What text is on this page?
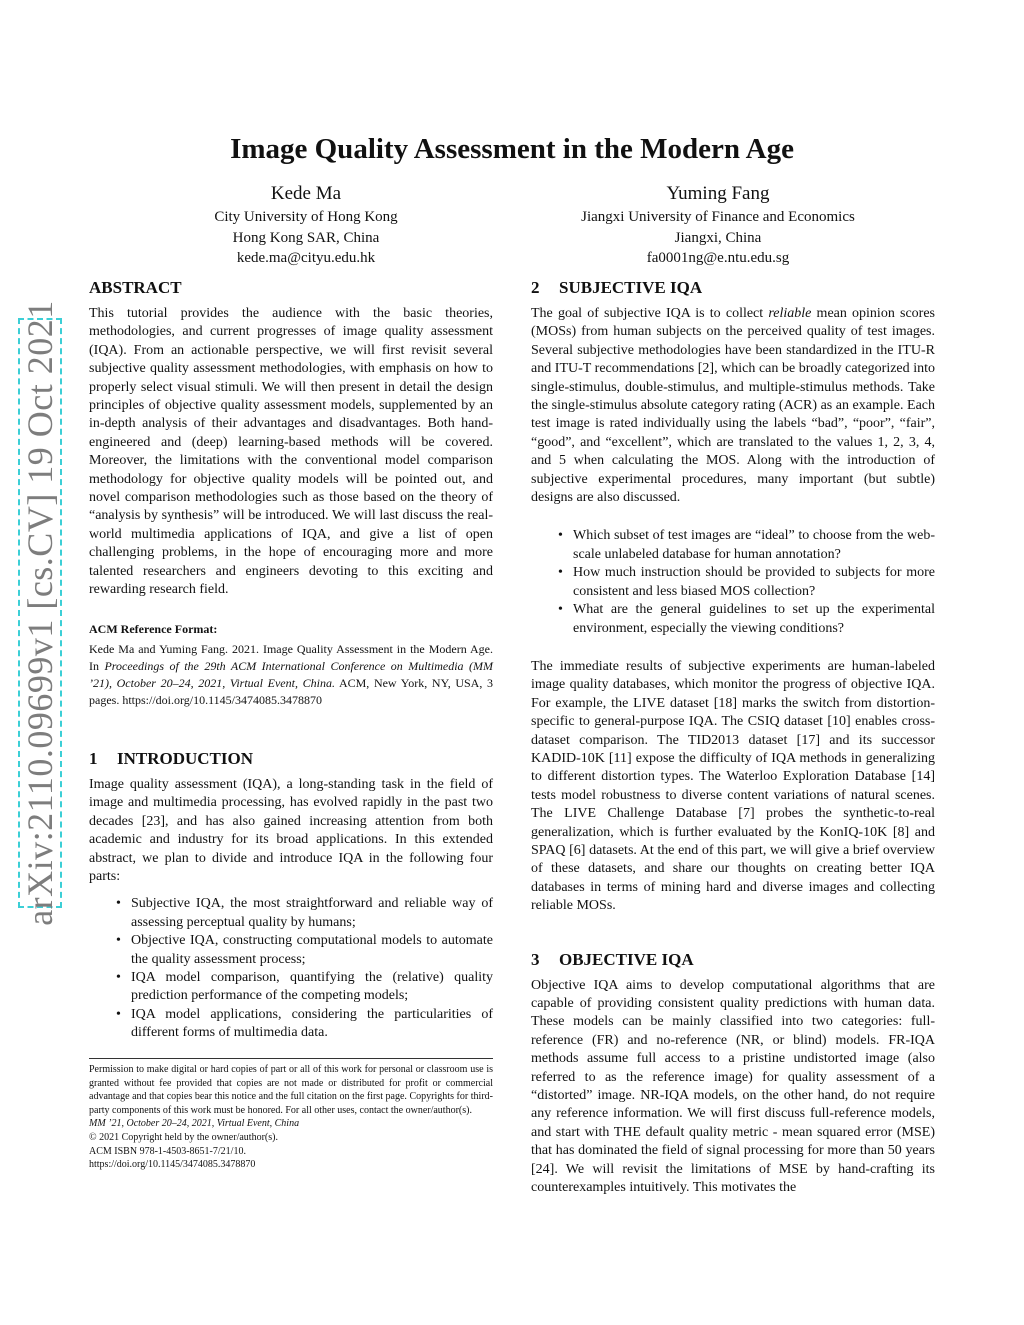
arXiv:2110.09699v1 [cs.CV] 19 Oct 2021
Image Quality Assessment in the Modern Age
Kede Ma
City University of Hong Kong
Hong Kong SAR, China
kede.ma@cityu.edu.hk
Yuming Fang
Jiangxi University of Finance and Economics
Jiangxi, China
fa0001ng@e.ntu.edu.sg
ABSTRACT

This tutorial provides the audience with the basic theories, methodologies, and current progresses of image quality assessment (IQA). From an actionable perspective, we will first revisit several subjective quality assessment methodologies, with emphasis on how to properly select visual stimuli. We will then present in detail the design principles of objective quality assessment models, supplemented by an in-depth analysis of their advantages and disadvantages. Both hand-engineered and (deep) learning-based methods will be covered. Moreover, the limitations with the conventional model comparison methodology for objective quality models will be pointed out, and novel comparison methodologies such as those based on the theory of “analysis by synthesis” will be introduced. We will last discuss the real-world multimedia applications of IQA, and give a list of open challenging problems, in the hope of encouraging more and more talented researchers and engineers devoting to this exciting and rewarding research field.

ACM Reference Format:

Kede Ma and Yuming Fang. 2021. Image Quality Assessment in the Modern Age. In Proceedings of the 29th ACM International Conference on Multimedia (MM ’21), October 20–24, 2021, Virtual Event, China. ACM, New York, NY, USA, 3 pages. https://doi.org/10.1145/3474085.3478870

1 INTRODUCTION

Image quality assessment (IQA), a long-standing task in the field of image and multimedia processing, has evolved rapidly in the past two decades [23], and has also gained increasing attention from both academic and industry for its broad applications. In this extended abstract, we plan to divide and introduce IQA in the following four parts:

• Subjective IQA, the most straightforward and reliable way of assessing perceptual quality by humans;
• Objective IQA, constructing computational models to automate the quality assessment process;
• IQA model comparison, quantifying the (relative) quality prediction performance of the competing models;
• IQA model applications, considering the particularities of different forms of multimedia data.

Permission to make digital or hard copies of part or all of this work for personal or classroom use is granted without fee provided that copies are not made or distributed for profit or commercial advantage and that copies bear this notice and the full citation on the first page. Copyrights for third-party components of this work must be honored. For all other uses, contact the owner/author(s).

MM ’21, October 20–24, 2021, Virtual Event, China
© 2021 Copyright held by the owner/author(s).
ACM ISBN 978-1-4503-8651-7/21/10.
https://doi.org/10.1145/3474085.3478870
2 SUBJECTIVE IQA

The goal of subjective IQA is to collect reliable mean opinion scores (MOSs) from human subjects on the perceived quality of test images. Several subjective methodologies have been standardized in the ITU-R and ITU-T recommendations [2], which can be broadly categorized into single-stimulus, double-stimulus, and multiple-stimulus methods. Take the single-stimulus absolute category rating (ACR) as an example. Each test image is rated individually using the labels “bad”, “poor”, “fair”, “good”, and “excellent”, which are translated to the values 1, 2, 3, 4, and 5 when calculating the MOS. Along with the introduction of subjective experimental procedures, many important (but subtle) designs are also discussed.

• Which subset of test images are “ideal” to choose from the web-scale unlabeled database for human annotation?
• How much instruction should be provided to subjects for more consistent and less biased MOS collection?
• What are the general guidelines to set up the experimental environment, especially the viewing conditions?

The immediate results of subjective experiments are human-labeled image quality databases, which monitor the progress of objective IQA. For example, the LIVE dataset [18] marks the switch from distortion-specific to general-purpose IQA. The CSIQ dataset [10] enables cross-dataset comparison. The TID2013 dataset [17] and its successor KADID-10K [11] expose the difficulty of IQA methods in generalizing to different distortion types. The Waterloo Exploration Database [14] tests model robustness to diverse content variations of natural scenes. The LIVE Challenge Database [7] probes the synthetic-to-real generalization, which is further evaluated by the KonIQ-10K [8] and SPAQ [6] datasets. At the end of this part, we will give a brief overview of these datasets, and share our thoughts on creating better IQA databases in terms of mining hard and diverse images and collecting reliable MOSs.

3 OBJECTIVE IQA

Objective IQA aims to develop computational algorithms that are capable of providing consistent quality predictions with human data. These models can be mainly classified into two categories: full-reference (FR) and no-reference (NR, or blind) models. FR-IQA methods assume full access to a pristine undistorted image (also referred to as the reference image) for quality assessment of a “distorted” image. NR-IQA models, on the other hand, do not require any reference information. We will first discuss full-reference models, and start with THE default quality metric - mean squared error (MSE) that has dominated the field of signal processing for more than 50 years [24]. We will revisit the limitations of MSE by hand-crafting its counterexamples intuitively. This motivates the
